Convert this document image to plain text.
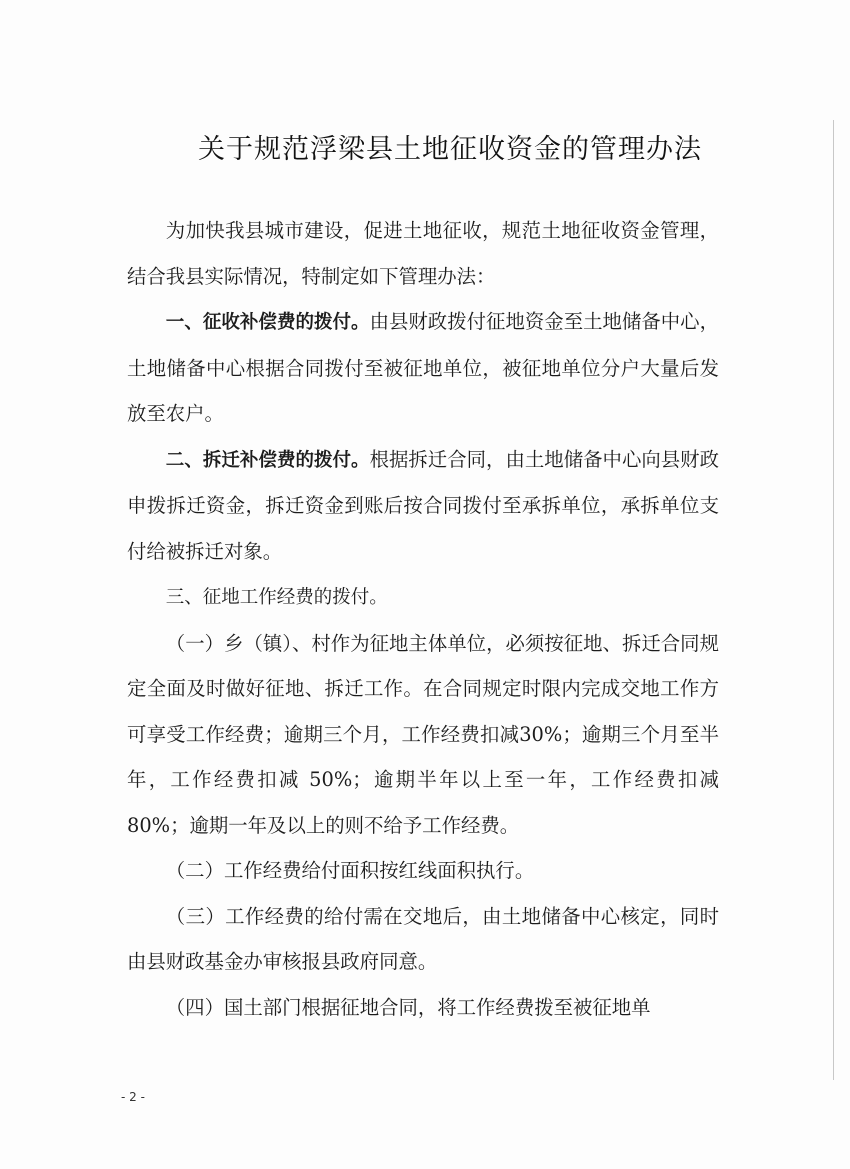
关于规范浮梁县土地征收资金的管理办法

为加快我县城市建设，促进土地征收，规范土地征收资金管理，结合我县实际情况，特制定如下管理办法：

一、征收补偿费的拨付。由县财政拨付征地资金至土地储备中心，土地储备中心根据合同拨付至被征地单位，被征地单位分户大量后发放至农户。

二、拆迁补偿费的拨付。根据拆迁合同，由土地储备中心向县财政申拨拆迁资金，拆迁资金到账后按合同拨付至承拆单位，承拆单位支付给被拆迁对象。

三、征地工作经费的拨付。

（一）乡（镇）、村作为征地主体单位，必须按征地、拆迁合同规定全面及时做好征地、拆迁工作。在合同规定时限内完成交地工作方可享受工作经费；逾期三个月，工作经费扣减30%；逾期三个月至半年，工作经费扣减 50%；逾期半年以上至一年，工作经费扣减 80%；逾期一年及以上的则不给予工作经费。

（二）工作经费给付面积按红线面积执行。

（三）工作经费的给付需在交地后，由土地储备中心核定，同时由县财政基金办审核报县政府同意。

（四）国土部门根据征地合同，将工作经费拨至被征地单

- 2 -
